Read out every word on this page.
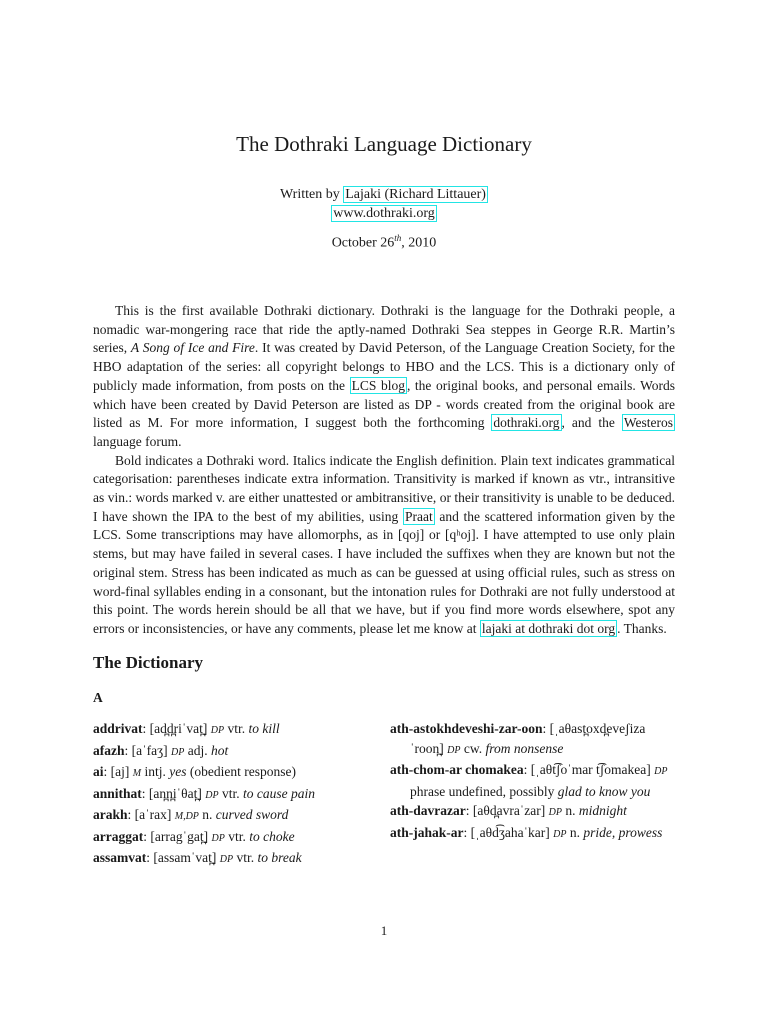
The Dothraki Language Dictionary
Written by Lajaki (Richard Littauer)
www.dothraki.org
October 26th, 2010

This is the first available Dothraki dictionary. Dothraki is the language for the Dothraki people, a nomadic war-mongering race that ride the aptly-named Dothraki Sea steppes in George R.R. Martin’s series, A Song of Ice and Fire. It was created by David Peterson, of the Language Creation Society, for the HBO adaptation of the series: all copyright belongs to HBO and the LCS. This is a dictionary only of publicly made information, from posts on the LCS blog , the original books, and personal emails. Words which have been created by David Peterson are listed as DP - words created from the original book are listed as M. For more information, I suggest both the forthcoming dothraki.org , and the Westeros language forum.

Bold indicates a Dothraki word. Italics indicate the English definition. Plain text indicates grammatical categorisation: parentheses indicate extra information. Transitivity is marked if known as vtr., intransitive as vin.: words marked v. are either unattested or ambitransitive, or their transitivity is unable to be deduced. I have shown the IPA to the best of my abilities, using Praat and the scattered information given by the LCS. Some transcriptions may have allomorphs, as in [qoj] or [qʰoj]. I have attempted to use only plain stems, but may have failed in several cases. I have included the suffixes when they are known but not the original stem. Stress has been indicated as much as can be guessed at using official rules, such as stress on word-final syllables ending in a consonant, but the intonation rules for Dothraki are not fully understood at this point. The words herein should be all that we have, but if you find more words elsewhere, spot any errors or inconsistencies, or have any comments, please let me know at lajaki at dothraki dot org . Thanks.

The Dictionary
A
addrivat: [ad̪d̪riˈvat̪] DP vtr. to kill
afazh: [aˈfaʒ] DP adj. hot
ai: [aj] M intj. yes (obedient response)
annithat: [an̪n̪iˈθat̪] DP vtr. to cause pain
arakh: [aˈrax] M,DP n. curved sword
arraggat: [arragˈgat̪] DP vtr. to choke
assamvat: [assamˈvat̪] DP vtr. to break
ath-astokhdeveshi-zar-oon: [ˌaθast̪oxd̪eveʃizaˈroon̪] DP cw. from nonsense
ath-chom-ar chomakea: [ˌaθt͡ʃoˈmar t͡ʃomakea] DP phrase undefined, possibly glad to know you
ath-davrazar: [aθd̪avraˈzar] DP n. midnight
ath-jahak-ar: [ˌaθd͡ʒahaˈkar] DP n. pride, prowess
1
